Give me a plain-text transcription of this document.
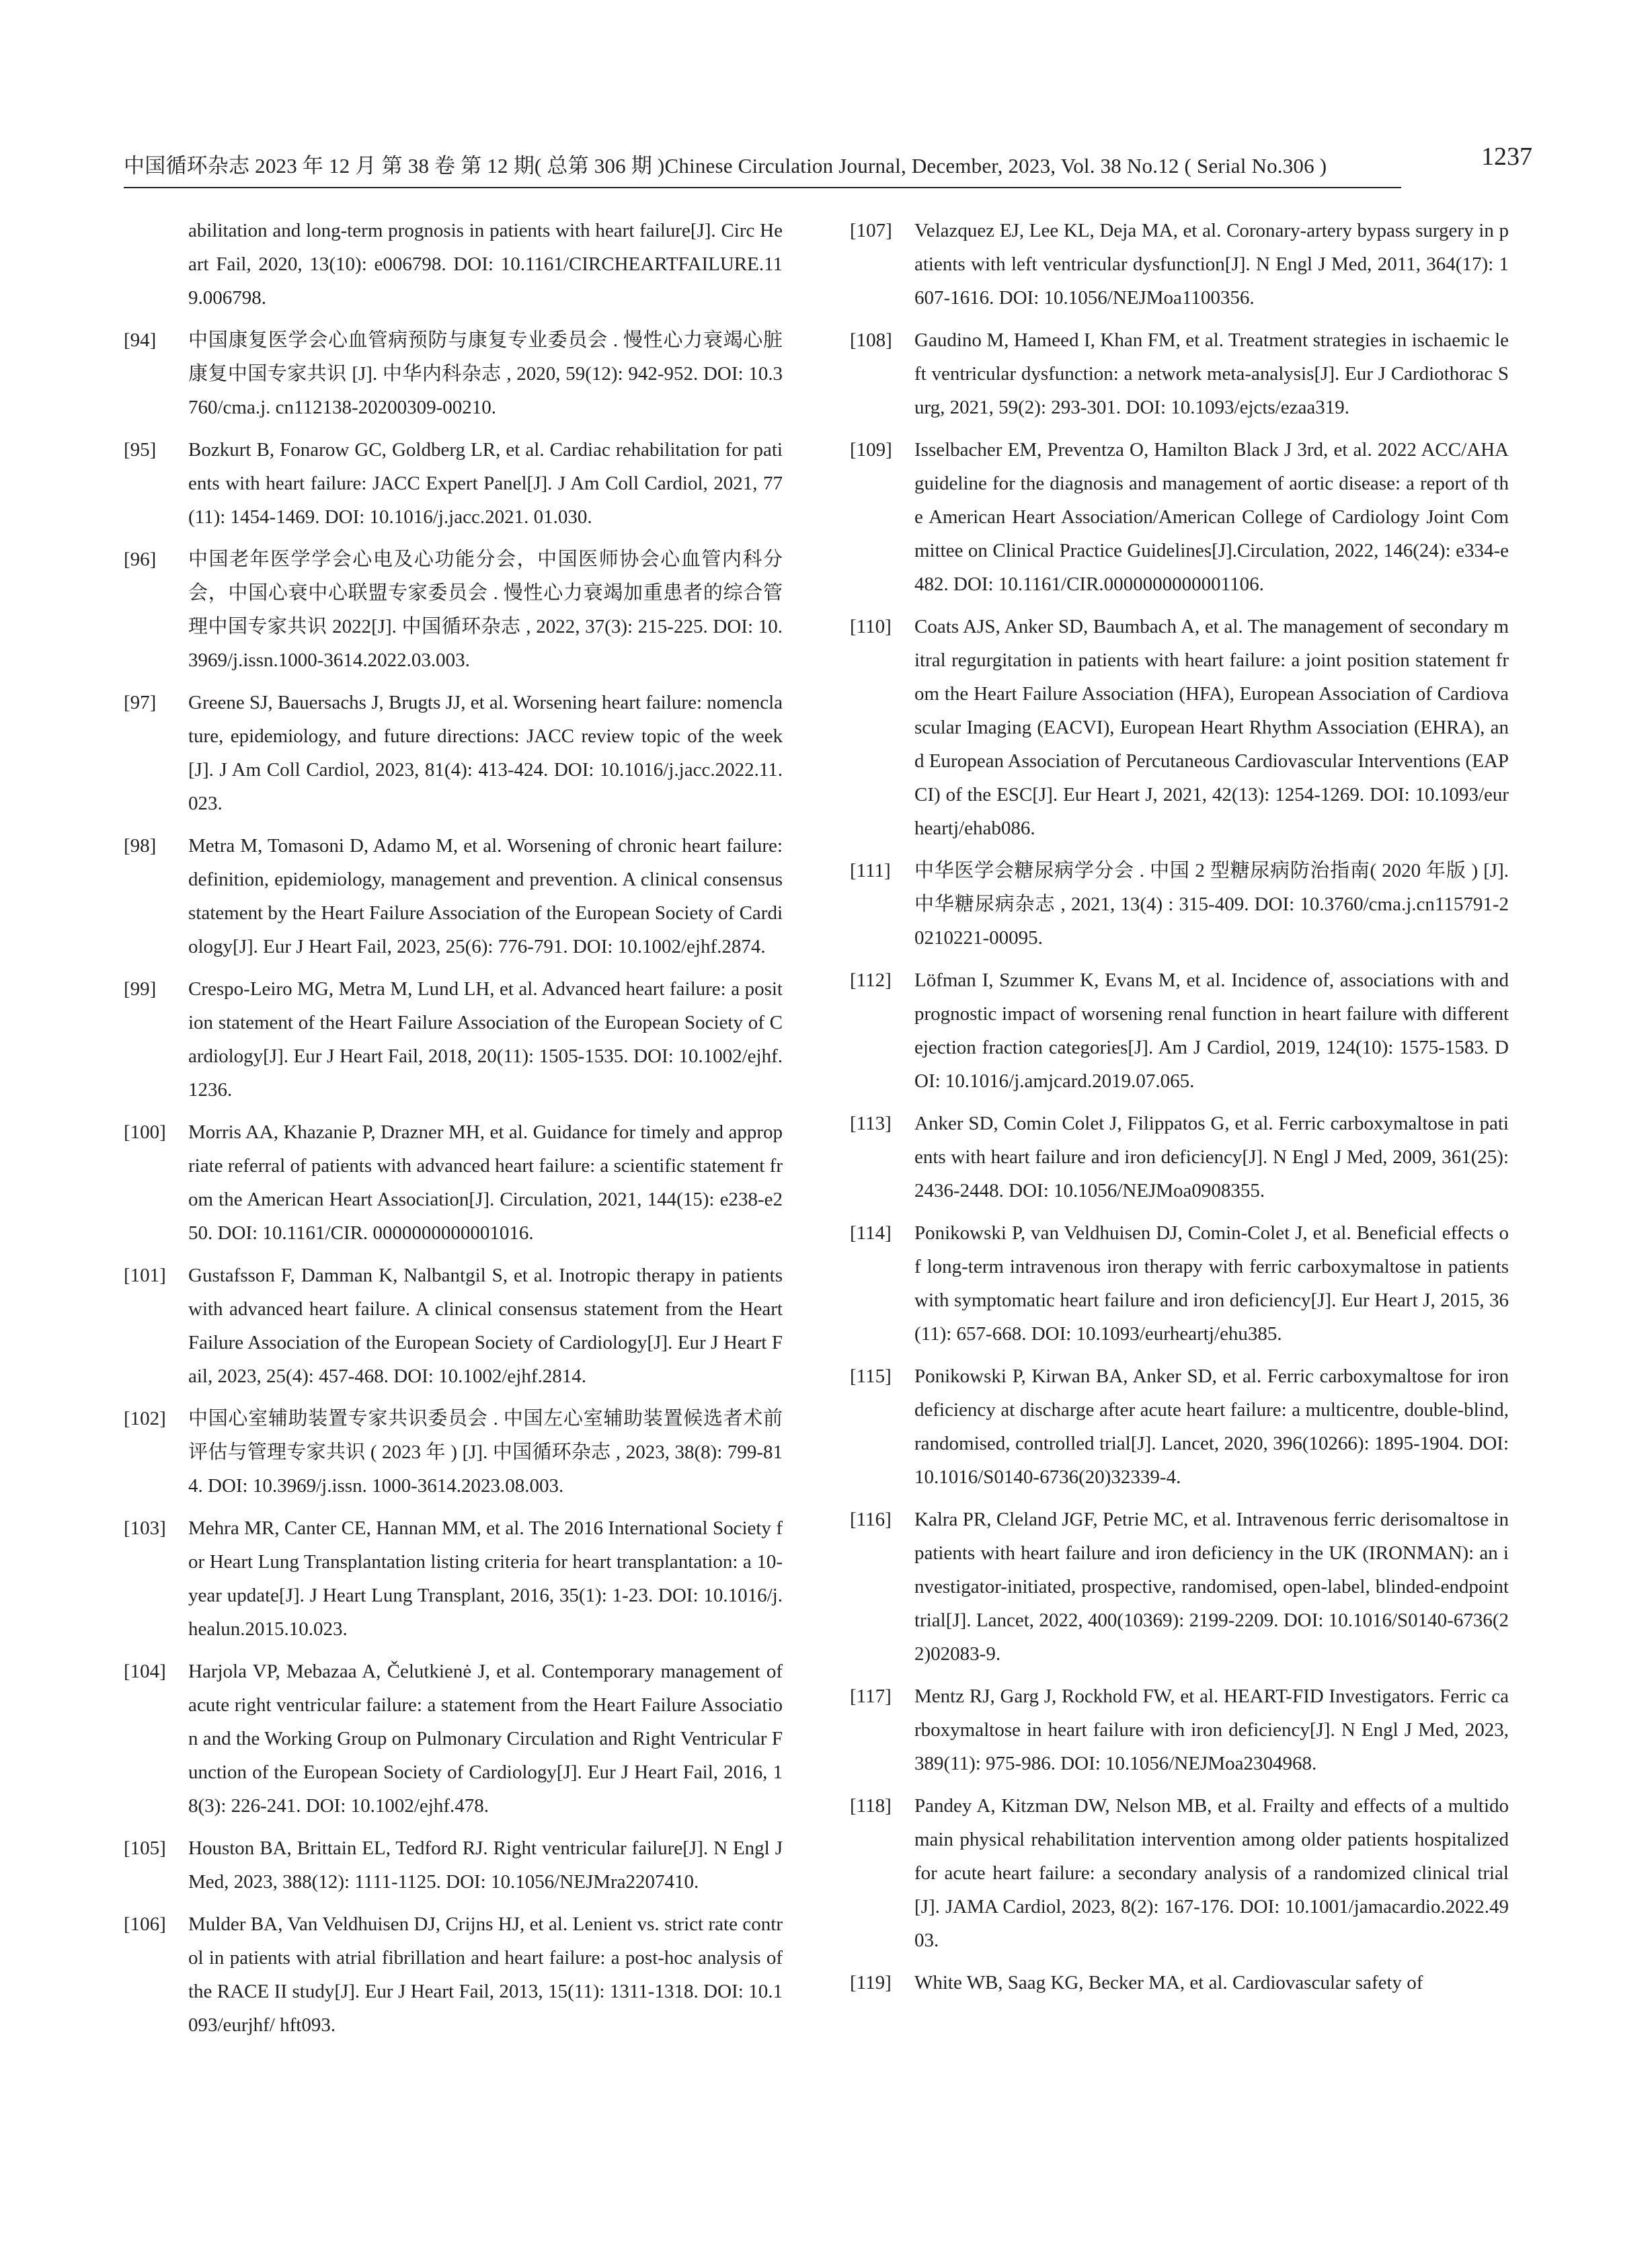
中国循环杂志 2023 年 12 月 第 38 卷 第 12 期( 总第 306 期 )Chinese Circulation Journal, December, 2023, Vol. 38 No.12 ( Serial No.306 )	1237
abilitation and long-term prognosis in patients with heart failure[J]. Circ Heart Fail, 2020, 13(10): e006798. DOI: 10.1161/CIRCHEARTFAILURE.119.006798.
[94] 中国康复医学会心血管病预防与康复专业委员会 . 慢性心力衰竭心脏康复中国专家共识 [J]. 中华内科杂志 , 2020, 59(12): 942-952. DOI: 10.3760/cma.j. cn112138-20200309-00210.
[95] Bozkurt B, Fonarow GC, Goldberg LR, et al. Cardiac rehabilitation for patients with heart failure: JACC Expert Panel[J]. J Am Coll Cardiol, 2021, 77(11): 1454-1469. DOI: 10.1016/j.jacc.2021. 01.030.
[96] 中国老年医学学会心电及心功能分会，中国医师协会心血管内科分会，中国心衰中心联盟专家委员会 . 慢性心力衰竭加重患者的综合管理中国专家共识 2022[J]. 中国循环杂志 , 2022, 37(3): 215-225. DOI: 10.3969/j.issn.1000-3614.2022.03.003.
[97] Greene SJ, Bauersachs J, Brugts JJ, et al. Worsening heart failure: nomenclature, epidemiology, and future directions: JACC review topic of the week[J]. J Am Coll Cardiol, 2023, 81(4): 413-424. DOI: 10.1016/j.jacc.2022.11.023.
[98] Metra M, Tomasoni D, Adamo M, et al. Worsening of chronic heart failure: definition, epidemiology, management and prevention. A clinical consensus statement by the Heart Failure Association of the European Society of Cardiology[J]. Eur J Heart Fail, 2023, 25(6): 776-791. DOI: 10.1002/ejhf.2874.
[99] Crespo-Leiro MG, Metra M, Lund LH, et al. Advanced heart failure: a position statement of the Heart Failure Association of the European Society of Cardiology[J]. Eur J Heart Fail, 2018, 20(11): 1505-1535. DOI: 10.1002/ejhf.1236.
[100] Morris AA, Khazanie P, Drazner MH, et al. Guidance for timely and appropriate referral of patients with advanced heart failure: a scientific statement from the American Heart Association[J]. Circulation, 2021, 144(15): e238-e250. DOI: 10.1161/CIR. 0000000000001016.
[101] Gustafsson F, Damman K, Nalbantgil S, et al. Inotropic therapy in patients with advanced heart failure. A clinical consensus statement from the Heart Failure Association of the European Society of Cardiology[J]. Eur J Heart Fail, 2023, 25(4): 457-468. DOI: 10.1002/ejhf.2814.
[102] 中国心室辅助装置专家共识委员会 . 中国左心室辅助装置候选者术前评估与管理专家共识 ( 2023 年 ) [J]. 中国循环杂志 , 2023, 38(8): 799-814. DOI: 10.3969/j.issn. 1000-3614.2023.08.003.
[103] Mehra MR, Canter CE, Hannan MM, et al. The 2016 International Society for Heart Lung Transplantation listing criteria for heart transplantation: a 10-year update[J]. J Heart Lung Transplant, 2016, 35(1): 1-23. DOI: 10.1016/j.healun.2015.10.023.
[104] Harjola VP, Mebazaa A, Čelutkienė J, et al. Contemporary management of acute right ventricular failure: a statement from the Heart Failure Association and the Working Group on Pulmonary Circulation and Right Ventricular Function of the European Society of Cardiology[J]. Eur J Heart Fail, 2016, 18(3): 226-241. DOI: 10.1002/ejhf.478.
[105] Houston BA, Brittain EL, Tedford RJ. Right ventricular failure[J]. N Engl J Med, 2023, 388(12): 1111-1125. DOI: 10.1056/NEJMra2207410.
[106] Mulder BA, Van Veldhuisen DJ, Crijns HJ, et al. Lenient vs. strict rate control in patients with atrial fibrillation and heart failure: a post-hoc analysis of the RACE II study[J]. Eur J Heart Fail, 2013, 15(11): 1311-1318. DOI: 10.1093/eurjhf/ hft093.
[107] Velazquez EJ, Lee KL, Deja MA, et al. Coronary-artery bypass surgery in patients with left ventricular dysfunction[J]. N Engl J Med, 2011, 364(17): 1607-1616. DOI: 10.1056/NEJMoa1100356.
[108] Gaudino M, Hameed I, Khan FM, et al. Treatment strategies in ischaemic left ventricular dysfunction: a network meta-analysis[J]. Eur J Cardiothorac Surg, 2021, 59(2): 293-301. DOI: 10.1093/ejcts/ezaa319.
[109] Isselbacher EM, Preventza O, Hamilton Black J 3rd, et al. 2022 ACC/AHA guideline for the diagnosis and management of aortic disease: a report of the American Heart Association/American College of Cardiology Joint Committee on Clinical Practice Guidelines[J].Circulation, 2022, 146(24): e334-e482. DOI: 10.1161/CIR.0000000000001106.
[110] Coats AJS, Anker SD, Baumbach A, et al. The management of secondary mitral regurgitation in patients with heart failure: a joint position statement from the Heart Failure Association (HFA), European Association of Cardiovascular Imaging (EACVI), European Heart Rhythm Association (EHRA), and European Association of Percutaneous Cardiovascular Interventions (EAPCI) of the ESC[J]. Eur Heart J, 2021, 42(13): 1254-1269. DOI: 10.1093/eurheartj/ehab086.
[111] 中华医学会糖尿病学分会 . 中国 2 型糖尿病防治指南( 2020 年版 ) [J]. 中华糖尿病杂志 , 2021, 13(4) : 315-409. DOI: 10.3760/cma.j.cn115791-20210221-00095.
[112] Löfman I, Szummer K, Evans M, et al. Incidence of, associations with and prognostic impact of worsening renal function in heart failure with different ejection fraction categories[J]. Am J Cardiol, 2019, 124(10): 1575-1583. DOI: 10.1016/j.amjcard.2019.07.065.
[113] Anker SD, Comin Colet J, Filippatos G, et al. Ferric carboxymaltose in patients with heart failure and iron deficiency[J]. N Engl J Med, 2009, 361(25): 2436-2448. DOI: 10.1056/NEJMoa0908355.
[114] Ponikowski P, van Veldhuisen DJ, Comin-Colet J, et al. Beneficial effects of long-term intravenous iron therapy with ferric carboxymaltose in patients with symptomatic heart failure and iron deficiency[J]. Eur Heart J, 2015, 36 (11): 657-668. DOI: 10.1093/eurheartj/ehu385.
[115] Ponikowski P, Kirwan BA, Anker SD, et al. Ferric carboxymaltose for iron deficiency at discharge after acute heart failure: a multicentre, double-blind, randomised, controlled trial[J]. Lancet, 2020, 396(10266): 1895-1904. DOI: 10.1016/S0140-6736(20)32339-4.
[116] Kalra PR, Cleland JGF, Petrie MC, et al. Intravenous ferric derisomaltose in patients with heart failure and iron deficiency in the UK (IRONMAN): an investigator-initiated, prospective, randomised, open-label, blinded-endpoint trial[J]. Lancet, 2022, 400(10369): 2199-2209. DOI: 10.1016/S0140-6736(22)02083-9.
[117] Mentz RJ, Garg J, Rockhold FW, et al. HEART-FID Investigators. Ferric carboxymaltose in heart failure with iron deficiency[J]. N Engl J Med, 2023, 389(11): 975-986. DOI: 10.1056/NEJMoa2304968.
[118] Pandey A, Kitzman DW, Nelson MB, et al. Frailty and effects of a multidomain physical rehabilitation intervention among older patients hospitalized for acute heart failure: a secondary analysis of a randomized clinical trial[J]. JAMA Cardiol, 2023, 8(2): 167-176. DOI: 10.1001/jamacardio.2022.4903.
[119] White WB, Saag KG, Becker MA, et al. Cardiovascular safety of
